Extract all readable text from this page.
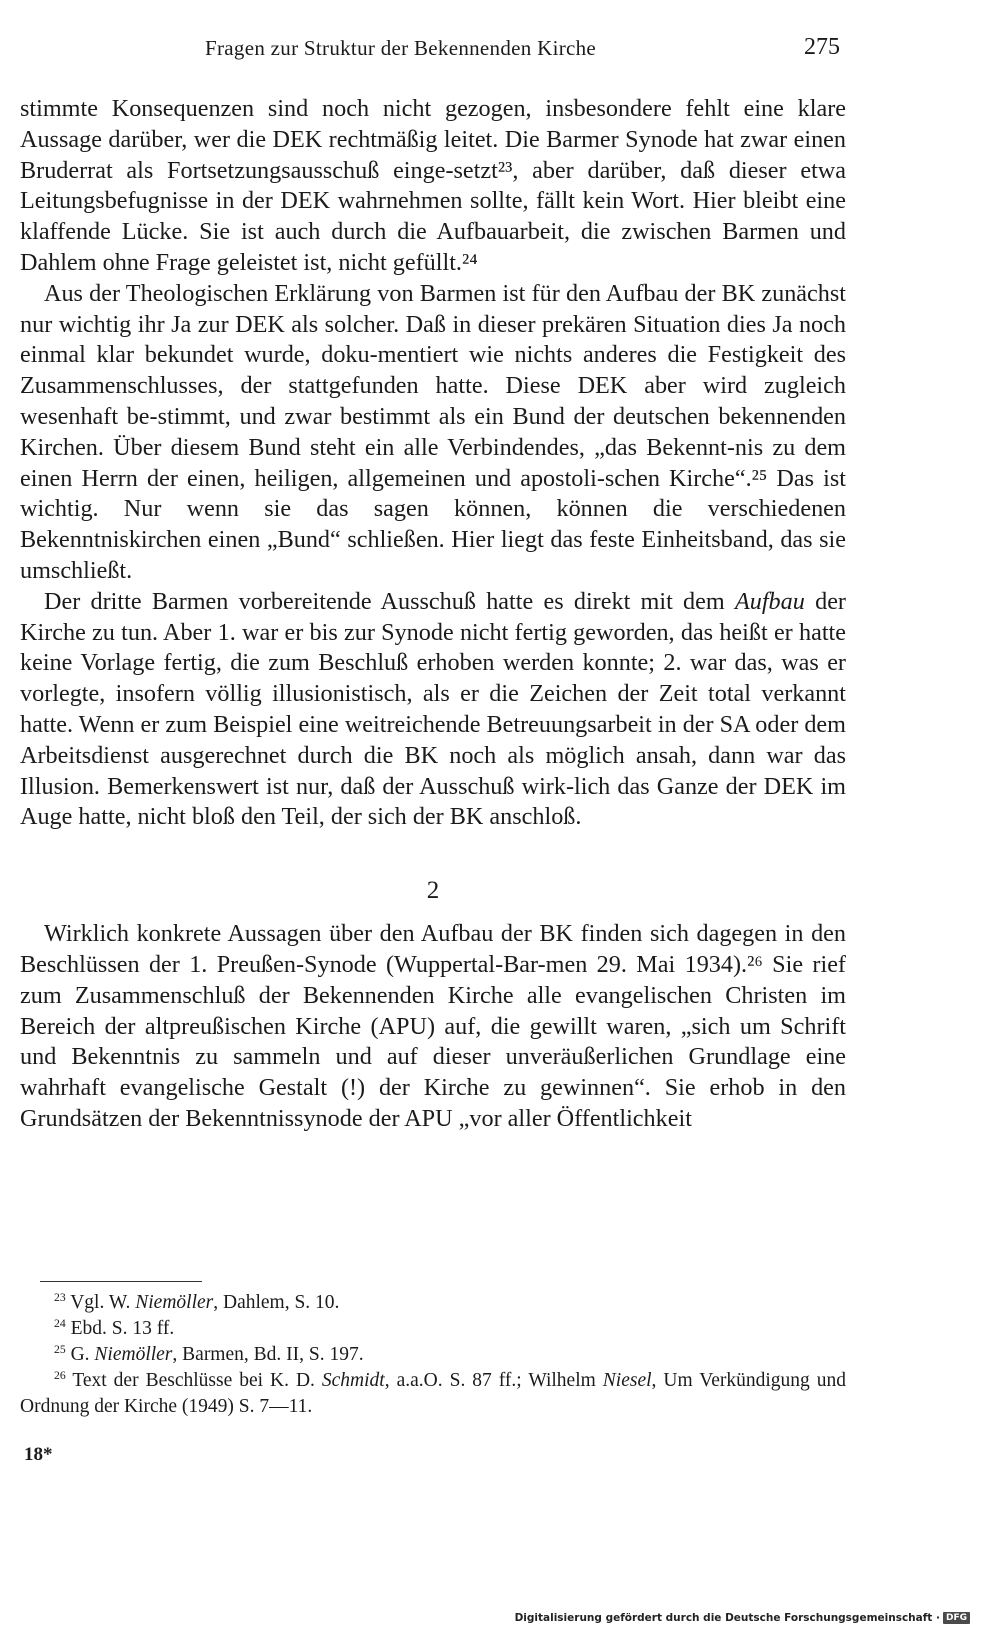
Fragen zur Struktur der Bekennenden Kirche	275

stimmte Konsequenzen sind noch nicht gezogen, insbesondere fehlt eine klare Aussage darüber, wer die DEK rechtmäßig leitet. Die Barmer Synode hat zwar einen Bruderrat als Fortsetzungsausschuß einge-setzt²³, aber darüber, daß dieser etwa Leitungsbefugnisse in der DEK wahrnehmen sollte, fällt kein Wort. Hier bleibt eine klaffende Lücke. Sie ist auch durch die Aufbauarbeit, die zwischen Barmen und Dahlem ohne Frage geleistet ist, nicht gefüllt.²⁴

Aus der Theologischen Erklärung von Barmen ist für den Aufbau der BK zunächst nur wichtig ihr Ja zur DEK als solcher. Daß in dieser prekären Situation dies Ja noch einmal klar bekundet wurde, doku-mentiert wie nichts anderes die Festigkeit des Zusammenschlusses, der stattgefunden hatte. Diese DEK aber wird zugleich wesenhaft be-stimmt, und zwar bestimmt als ein Bund der deutschen bekennenden Kirchen. Über diesem Bund steht ein alle Verbindendes, „das Bekennt-nis zu dem einen Herrn der einen, heiligen, allgemeinen und apostoli-schen Kirche“.²⁵ Das ist wichtig. Nur wenn sie das sagen können, können die verschiedenen Bekenntniskirchen einen „Bund“ schließen. Hier liegt das feste Einheitsband, das sie umschließt.

Der dritte Barmen vorbereitende Ausschuß hatte es direkt mit dem Aufbau der Kirche zu tun. Aber 1. war er bis zur Synode nicht fertig geworden, das heißt er hatte keine Vorlage fertig, die zum Beschluß erhoben werden konnte; 2. war das, was er vorlegte, insofern völlig illusionistisch, als er die Zeichen der Zeit total verkannt hatte. Wenn er zum Beispiel eine weitreichende Betreuungsarbeit in der SA oder dem Arbeitsdienst ausgerechnet durch die BK noch als möglich ansah, dann war das Illusion. Bemerkenswert ist nur, daß der Ausschuß wirk-lich das Ganze der DEK im Auge hatte, nicht bloß den Teil, der sich der BK anschloß.

2

Wirklich konkrete Aussagen über den Aufbau der BK finden sich dagegen in den Beschlüssen der 1. Preußen-Synode (Wuppertal-Bar-men 29. Mai 1934).²⁶ Sie rief zum Zusammenschluß der Bekennenden Kirche alle evangelischen Christen im Bereich der altpreußischen Kirche (APU) auf, die gewillt waren, „sich um Schrift und Bekenntnis zu sammeln und auf dieser unveräußerlichen Grundlage eine wahrhaft evangelische Gestalt (!) der Kirche zu gewinnen“. Sie erhob in den Grundsätzen der Bekenntnissynode der APU „vor aller Öffentlichkeit

$^{23}$ Vgl. W. Niemöller, Dahlem, S. 10.

$^{24}$ Ebd. S. 13 ff.

$^{25}$ G. Niemöller, Barmen, Bd. II, S. 197.

$^{26}$ Text der Beschlüsse bei K. D. Schmidt, a.a.O. S. 87 ff.; Wilhelm Niesel, Um Verkündigung und Ordnung der Kirche (1949) S. 7—11.

18*
Digitalisierung gefördert durch die Deutsche Forschungsgemeinschaft · DFG
